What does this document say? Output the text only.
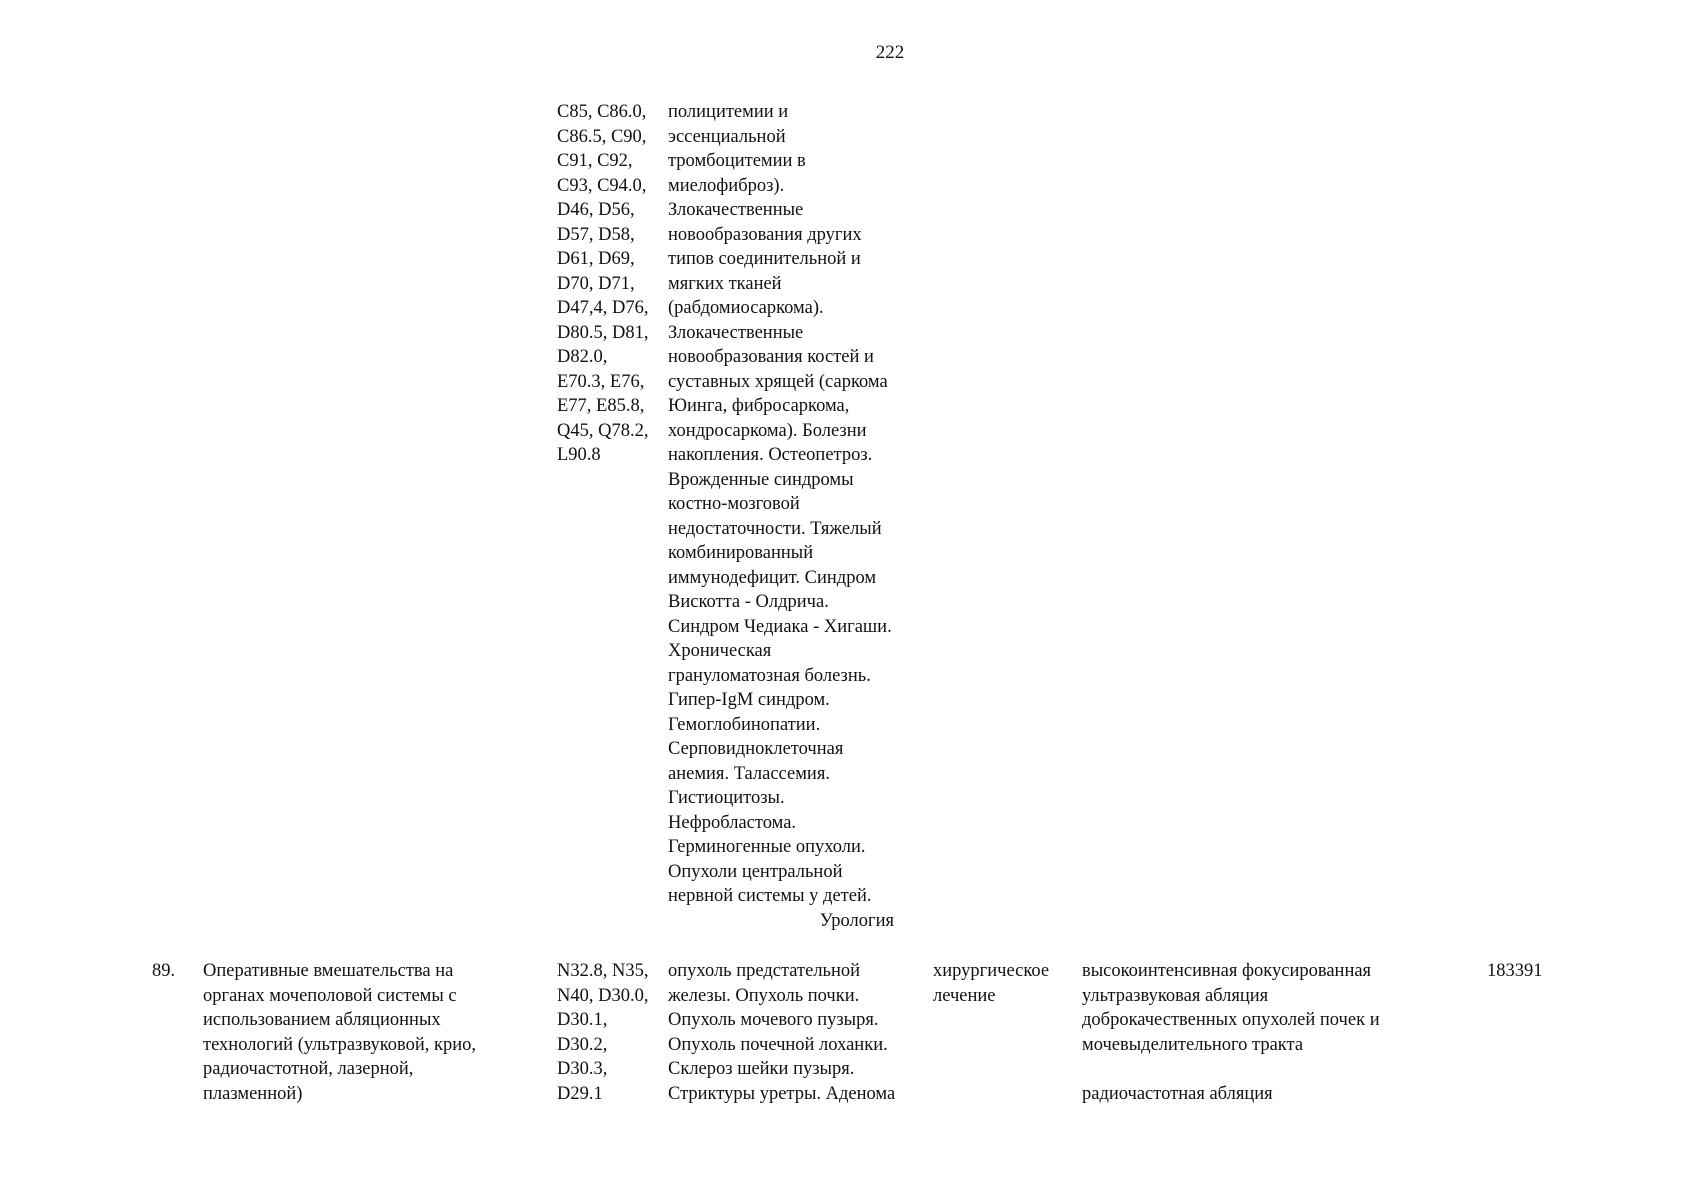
222
C85, C86.0,
C86.5, C90,
C91, C92,
C93, C94.0,
D46, D56,
D57, D58,
D61, D69,
D70, D71,
D47,4, D76,
D80.5, D81,
D82.0,
E70.3, E76,
E77, E85.8,
Q45, Q78.2,
L90.8
полицитемии и
эссенциальной
тромбоцитемии в
миелофиброз).
Злокачественные
новообразования других
типов соединительной и
мягких тканей
(рабдомиосаркома).
Злокачественные
новообразования костей и
суставных хрящей (саркома
Юинга, фибросаркома,
хондросаркома). Болезни
накопления. Остеопетроз.
Врожденные синдромы
костно-мозговой
недостаточности. Тяжелый
комбинированный
иммунодефицит. Синдром
Вискотта - Олдрича.
Синдром Чедиака - Хигаши.
Хроническая
грануломатозная болезнь.
Гипер-IgM синдром.
Гемоглобинопатии.
Серповидноклеточная
анемия. Талассемия.
Гистиоцитозы.
Нефробластома.
Герминогенные опухоли.
Опухоли центральной
нервной системы у детей.
Урология
89. Оперативные вмешательства на
органах мочеполовой системы с
использованием абляционных
технологий (ультразвуковой, крио,
радиочастотной, лазерной,
плазменной)
N32.8, N35,
N40, D30.0,
D30.1,
D30.2,
D30.3,
D29.1
опухоль предстательной
железы. Опухоль почки.
Опухоль мочевого пузыря.
Опухоль почечной лоханки.
Склероз шейки пузыря.
Стриктуры уретры. Аденома
хирургическое
лечение
высокоинтенсивная фокусированная
ультразвуковая абляция
доброкачественных опухолей почек и
мочевыделительного тракта
радиочастотная абляция
183391
